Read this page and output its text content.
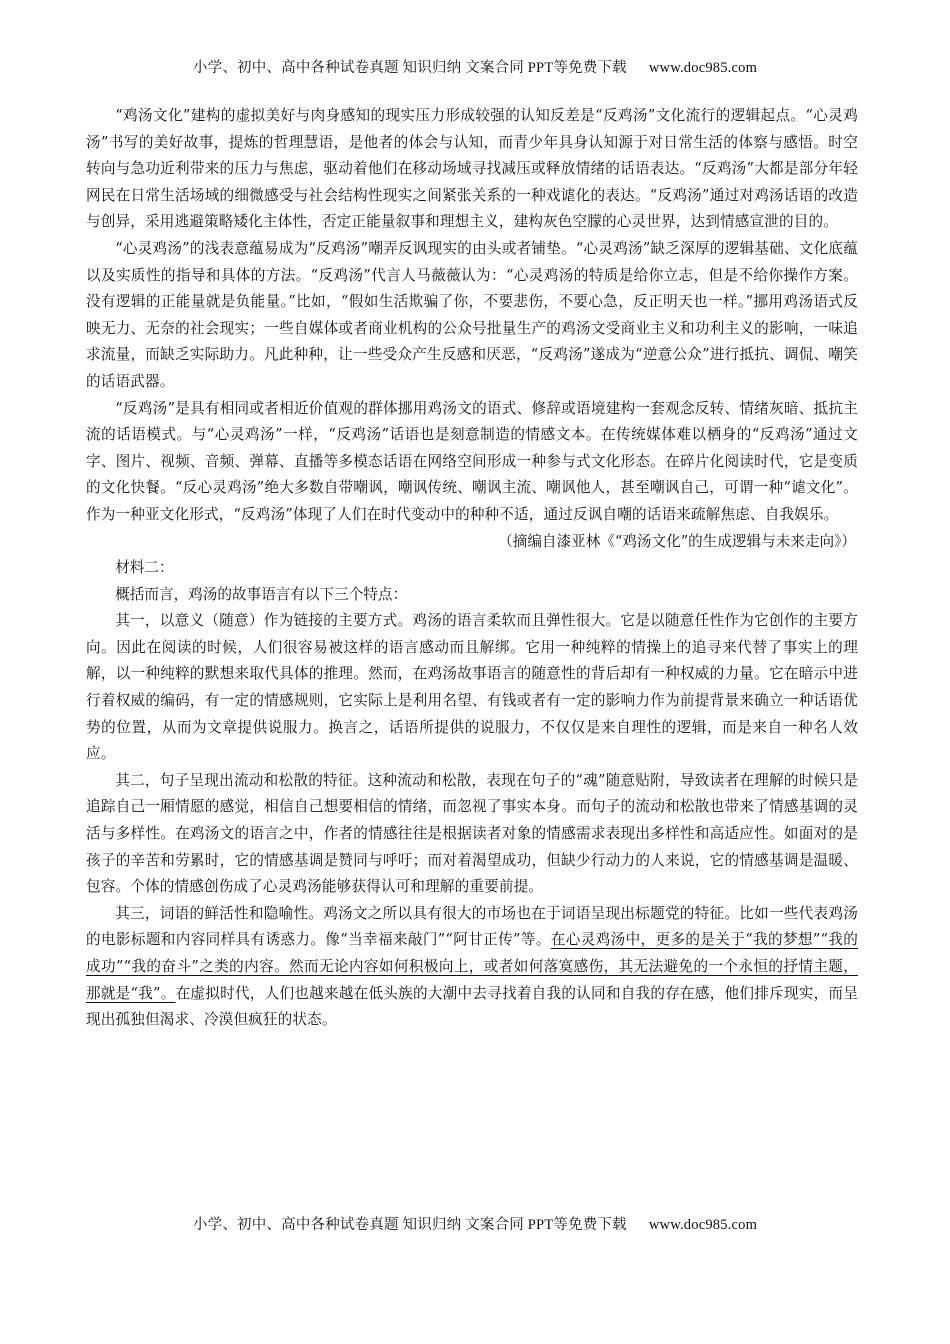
小学、初中、高中各种试卷真题 知识归纳 文案合同 PPT等免费下载 www.doc985.com

“鸡汤文化”建构的虚拟美好与肉身感知的现实压力形成较强的认知反差是“反鸡汤”文化流行的逻辑起点。“心灵鸡汤”书写的美好故事，提炼的哲理慧语，是他者的体会与认知，而青少年具身认知源于对日常生活的体察与感悟。时空转向与急功近利带来的压力与焦虑，驱动着他们在移动场域寻找减压或释放情绪的话语表达。“反鸡汤”大都是部分年轻网民在日常生活场域的细微感受与社会结构性现实之间紧张关系的一种戏谑化的表达。“反鸡汤”通过对鸡汤话语的改造与创异，采用逃避策略矮化主体性，否定正能量叙事和理想主义，建构灰色空朦的心灵世界，达到情感宣泄的目的。

“心灵鸡汤”的浅表意蕴易成为“反鸡汤”嘲弄反讽现实的由头或者铺垫。“心灵鸡汤”缺乏深厚的逻辑基础、文化底蕴以及实质性的指导和具体的方法。“反鸡汤”代言人马薇薇认为：“心灵鸡汤的特质是给你立志，但是不给你操作方案。没有逻辑的正能量就是负能量。”比如，“假如生活欺骗了你，不要悲伤，不要心急，反正明天也一样。”挪用鸡汤语式反映无力、无奈的社会现实；一些自媒体或者商业机构的公众号批量生产的鸡汤文受商业主义和功利主义的影响，一味追求流量，而缺乏实际助力。凡此种种，让一些受众产生反感和厌恶，“反鸡汤”遂成为“逆意公众”进行抵抗、调侃、嘲笑的话语武器。

“反鸡汤”是具有相同或者相近价值观的群体挪用鸡汤文的语式、修辞或语境建构一套观念反转、情绪灰暗、抵抗主流的话语模式。与“心灵鸡汤”一样，“反鸡汤”话语也是刻意制造的情感文本。在传统媒体难以栖身的“反鸡汤”通过文字、图片、视频、音频、弹幕、直播等多模态话语在网络空间形成一种参与式文化形态。在碎片化阅读时代，它是变质的文化快餐。“反心灵鸡汤”绝大多数自带嘲讽，嘲讽传统、嘲讽主流、嘲讽他人，甚至嘲讽自己，可谓一种“谑文化”。作为一种亚文化形式，“反鸡汤”体现了人们在时代变动中的种种不适，通过反讽自嘲的话语来疏解焦虑、自我娱乐。

（摘编自漆亚林《“鸡汤文化”的生成逻辑与未来走向》）

材料二：

概括而言，鸡汤的故事语言有以下三个特点：

其一，以意义（随意）作为链接的主要方式。鸡汤的语言柔软而且弹性很大。它是以随意任性作为它创作的主要方向。因此在阅读的时候，人们很容易被这样的语言感动而且解绑。它用一种纯粹的情操上的追寻来代替了事实上的理解，以一种纯粹的默想来取代具体的推理。然而，在鸡汤故事语言的随意性的背后却有一种权威的力量。它在暗示中进行着权威的编码，有一定的情感规则，它实际上是利用名望、有钱或者有一定的影响力作为前提背景来确立一种话语优势的位置，从而为文章提供说服力。换言之，话语所提供的说服力，不仅仅是来自理性的逻辑，而是来自一种名人效应。

其二，句子呈现出流动和松散的特征。这种流动和松散，表现在句子的“魂”随意贴附，导致读者在理解的时候只是追踪自己一厢情愿的感觉，相信自己想要相信的情绪，而忽视了事实本身。而句子的流动和松散也带来了情感基调的灵活与多样性。在鸡汤文的语言之中，作者的情感往往是根据读者对象的情感需求表现出多样性和高适应性。如面对的是孩子的辛苦和劳累时，它的情感基调是赞同与呼吁；而对着渴望成功，但缺少行动力的人来说，它的情感基调是温暖、包容。个体的情感创伤成了心灵鸡汤能够获得认可和理解的重要前提。

其三，词语的鲜活性和隐喻性。鸡汤文之所以具有很大的市场也在于词语呈现出标题党的特征。比如一些代表鸡汤的电影标题和内容同样具有诱惑力。像“当幸福来敲门”“阿甘正传”等。在心灵鸡汤中，更多的是关于“我的梦想”“我的成功”“我的奋斗”之类的内容。然而无论内容如何积极向上，或者如何落寞感伤，其无法避免的一个永恒的抒情主题，那就是“我”。在虚拟时代，人们也越来越在低头族的大潮中去寻找着自我的认同和自我的存在感，他们排斥现实，而呈现出孤独但渴求、冷漠但疯狂的状态。

小学、初中、高中各种试卷真题 知识归纳 文案合同 PPT等免费下载 www.doc985.com
